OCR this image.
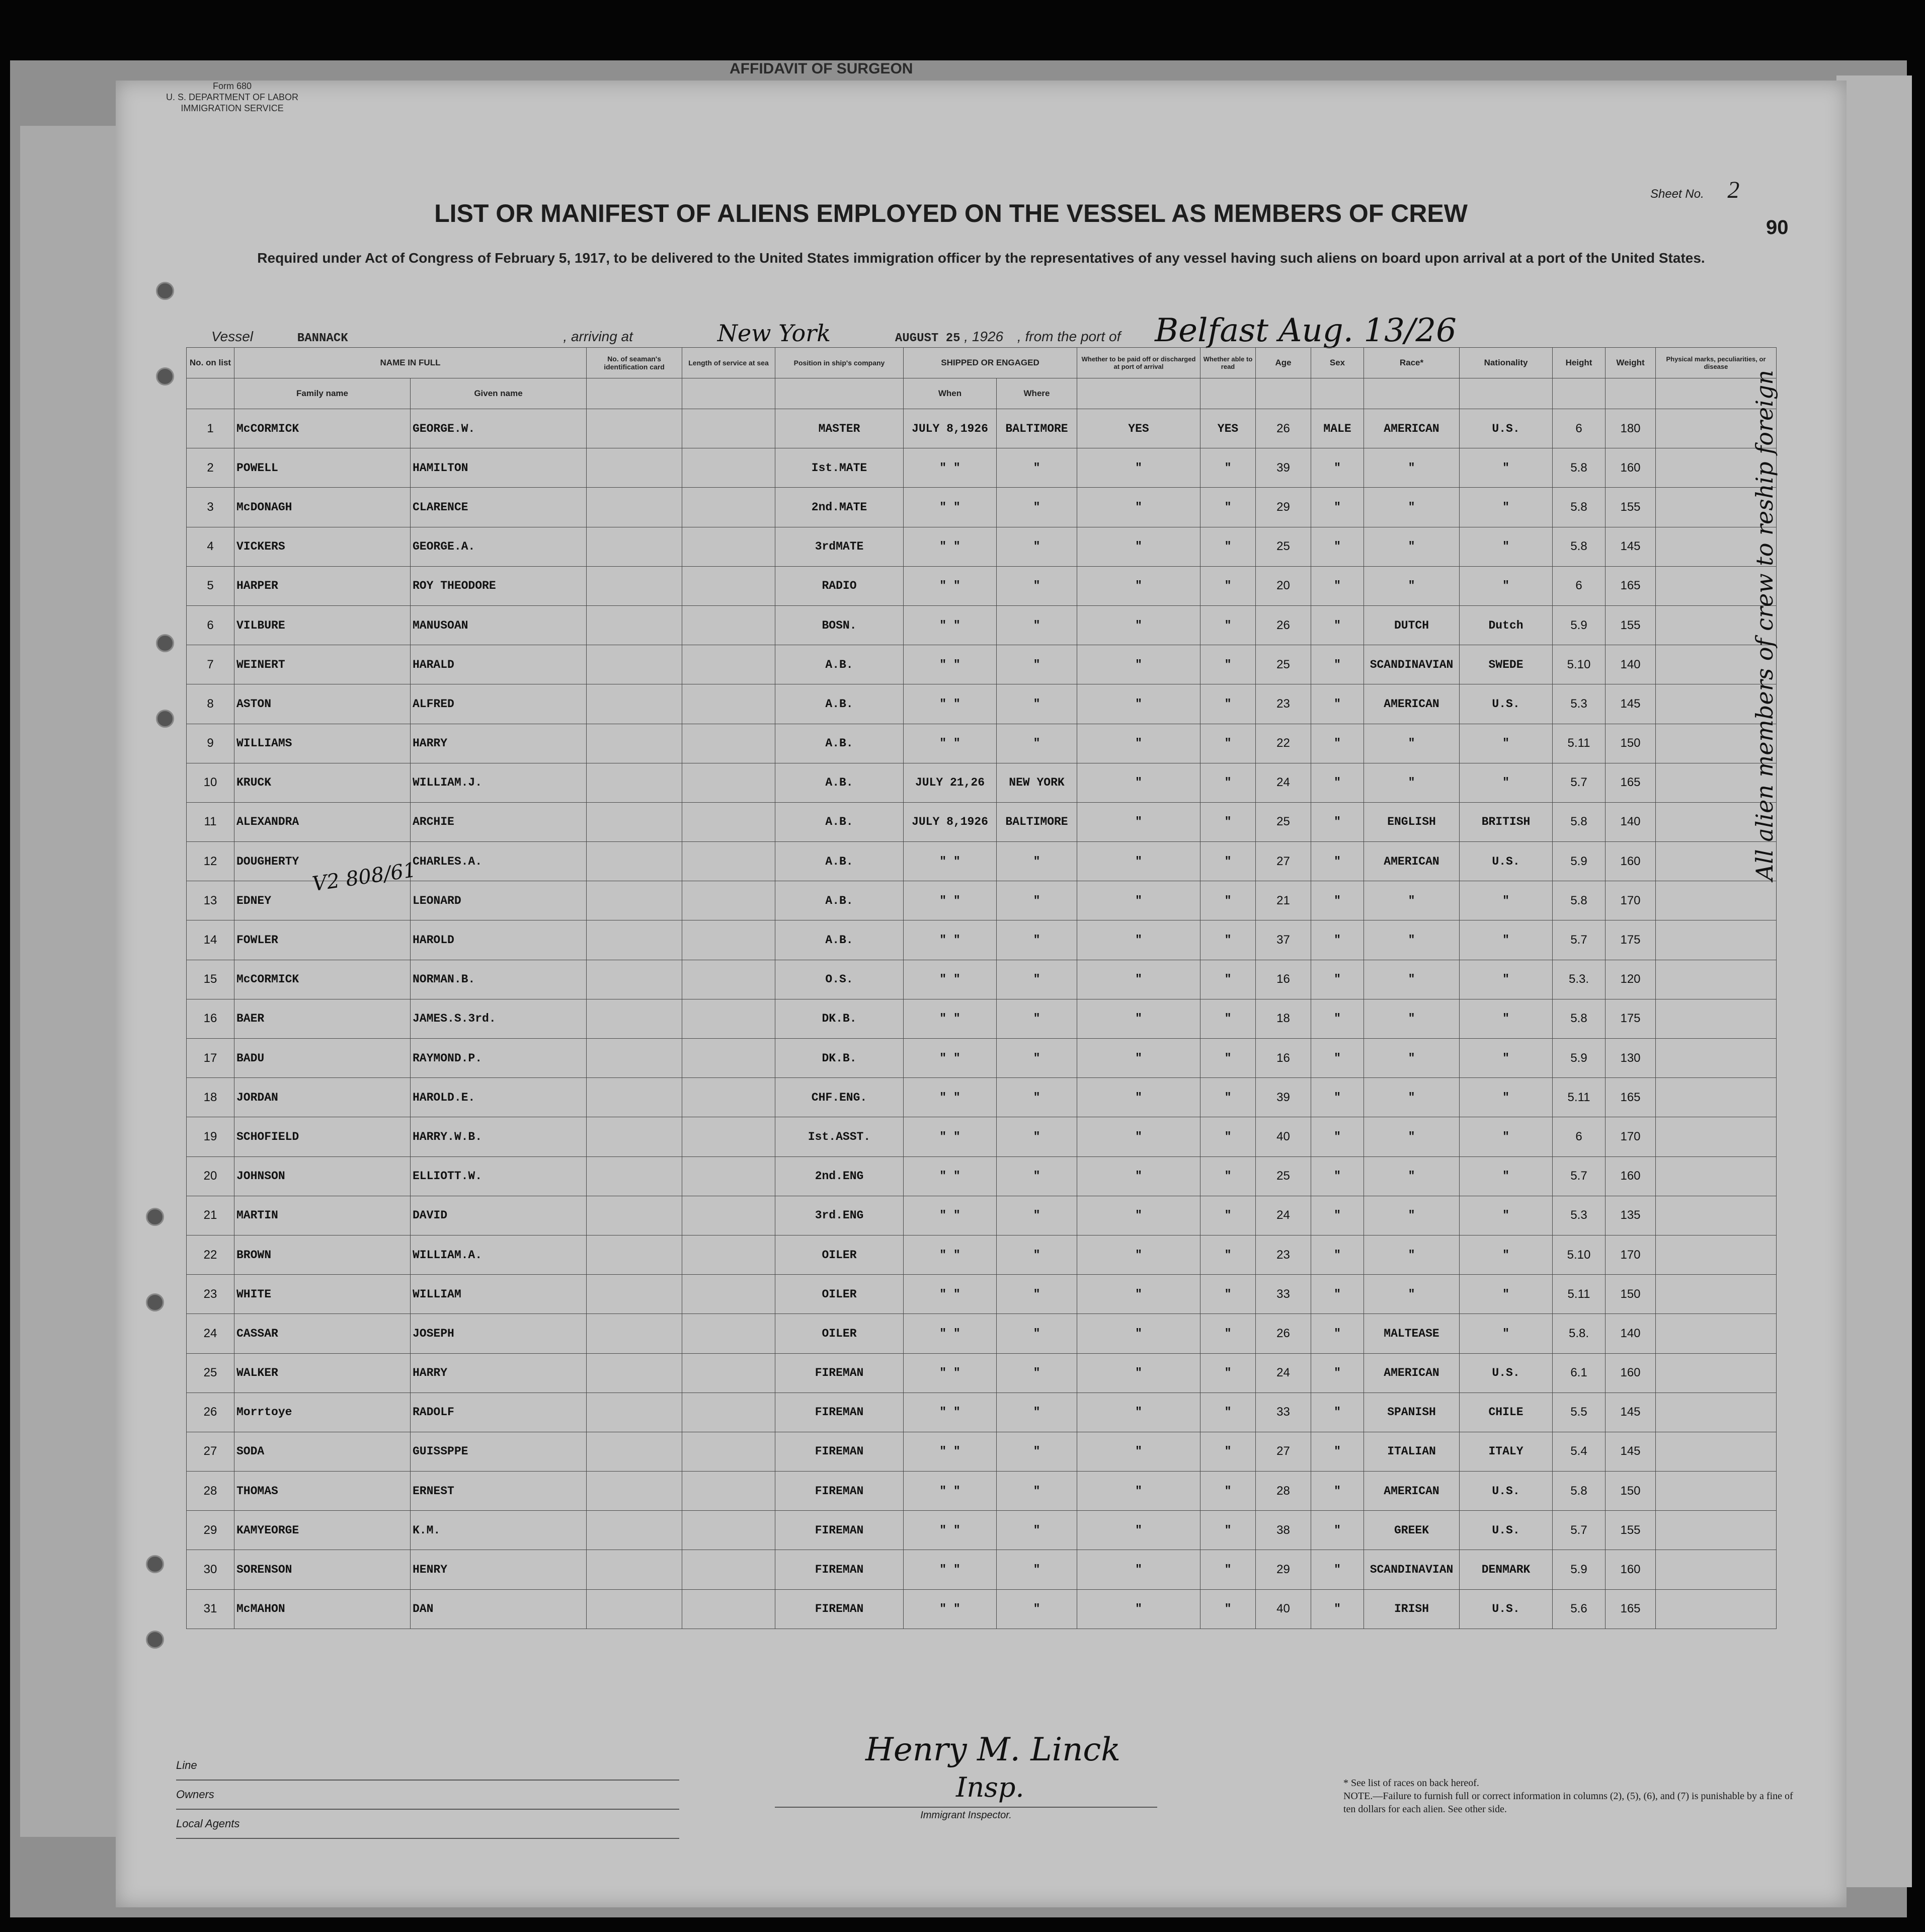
AFFIDAVIT OF SURGEON
Form 680
U. S. DEPARTMENT OF LABOR
IMMIGRATION SERVICE
Sheet No. 2
90
LIST OR MANIFEST OF ALIENS EMPLOYED ON THE VESSEL AS MEMBERS OF CREW
Required under Act of Congress of February 5, 1917, to be delivered to the United States immigration officer by the representatives of any vessel having such aliens on board upon arrival at a port of the United States.
Vessel	BANNACK	, arriving at	New York	AUGUST 25 , 1926 , from the port of Belfast Aug. 13/26
No. on list	NAME IN FULL		No. of seaman's identification card	Length of service at sea	Position in ship's company	SHIPPED OR ENGAGED		Whether to be paid off or discharged at port of arrival	Whether able to read	Age	Sex	Race*	Nationality	Height	Weight	Physical marks, peculiarities, or disease
	Family name	Given name				When	Where									
1	McCORMICK	GEORGE.W.			MASTER	JULY 8,1926	BALTIMORE	YES	YES	26	MALE	AMERICAN	U.S.	6	180	
2	POWELL	HAMILTON			Ist.MATE	" "	"	"	"	39	"	"	"	5.8	160	
3	McDONAGH	CLARENCE			2nd.MATE	" "	"	"	"	29	"	"	"	5.8	155	
4	VICKERS	GEORGE.A.			3rdMATE	" "	"	"	"	25	"	"	"	5.8	145	
5	HARPER	ROY THEODORE			RADIO	" "	"	"	"	20	"	"	"	6	165	
6	VILBURE	MANUSOAN			BOSN.	" "	"	"	"	26	"	DUTCH	Dutch	5.9	155	
7	WEINERT	HARALD			A.B.	" "	"	"	"	25	"	SCANDINAVIAN	SWEDE	5.10	140	
8	ASTON	ALFRED			A.B.	" "	"	"	"	23	"	AMERICAN	U.S.	5.3	145	
9	WILLIAMS	HARRY			A.B.	" "	"	"	"	22	"	"	"	5.11	150	
10	KRUCK	WILLIAM.J.			A.B.	JULY 21,26	NEW YORK	"	"	24	"	"	"	5.7	165	
11	ALEXANDRA	ARCHIE			A.B.	JULY 8,1926	BALTIMORE	"	"	25	"	ENGLISH	BRITISH	5.8	140	
12	DOUGHERTY	CHARLES.A.			A.B.	" "	"	"	"	27	"	AMERICAN	U.S.	5.9	160	
13	EDNEY	LEONARD			A.B.	" "	"	"	"	21	"	"	"	5.8	170	
14	FOWLER	HAROLD			A.B.	" "	"	"	"	37	"	"	"	5.7	175	
15	McCORMICK	NORMAN.B.			O.S.	" "	"	"	"	16	"	"	"	5.3.	120	
16	BAER	JAMES.S.3rd.			DK.B.	" "	"	"	"	18	"	"	"	5.8	175	
17	BADU	RAYMOND.P.			DK.B.	" "	"	"	"	16	"	"	"	5.9	130	
18	JORDAN	HAROLD.E.			CHF.ENG.	" "	"	"	"	39	"	"	"	5.11	165	
19	SCHOFIELD	HARRY.W.B.			Ist.ASST.	" "	"	"	"	40	"	"	"	6	170	
20	JOHNSON	ELLIOTT.W.			2nd.ENG	" "	"	"	"	25	"	"	"	5.7	160	
21	MARTIN	DAVID			3rd.ENG	" "	"	"	"	24	"	"	"	5.3	135	
22	BROWN	WILLIAM.A.			OILER	" "	"	"	"	23	"	"	"	5.10	170	
23	WHITE	WILLIAM			OILER	" "	"	"	"	33	"	"	"	5.11	150	
24	CASSAR	JOSEPH			OILER	" "	"	"	"	26	"	MALTEASE	"	5.8.	140	
25	WALKER	HARRY			FIREMAN	" "	"	"	"	24	"	AMERICAN	U.S.	6.1	160	
26	Morrtoye	RADOLF			FIREMAN	" "	"	"	"	33	"	SPANISH	CHILE	5.5	145	
27	SODA	GUISSPPE			FIREMAN	" "	"	"	"	27	"	ITALIAN	ITALY	5.4	145	
28	THOMAS	ERNEST			FIREMAN	" "	"	"	"	28	"	AMERICAN	U.S.	5.8	150	
29	KAMYEORGE	K.M.			FIREMAN	" "	"	"	"	38	"	GREEK	U.S.	5.7	155	
30	SORENSON	HENRY			FIREMAN	" "	"	"	"	29	"	SCANDINAVIAN	DENMARK	5.9	160	
31	McMAHON	DAN			FIREMAN	" "	"	"	"	40	"	IRISH	U.S.	5.6	165	
All alien members of crew to reship foreign
V2 808/61
Line
Owners
Local Agents
Henry M. Linck
Insp.
Immigrant Inspector.
* See list of races on back hereof.
NOTE.—Failure to furnish full or correct information in columns (2), (5), (6), and (7) is punishable by a fine of ten dollars for each alien. See other side.
